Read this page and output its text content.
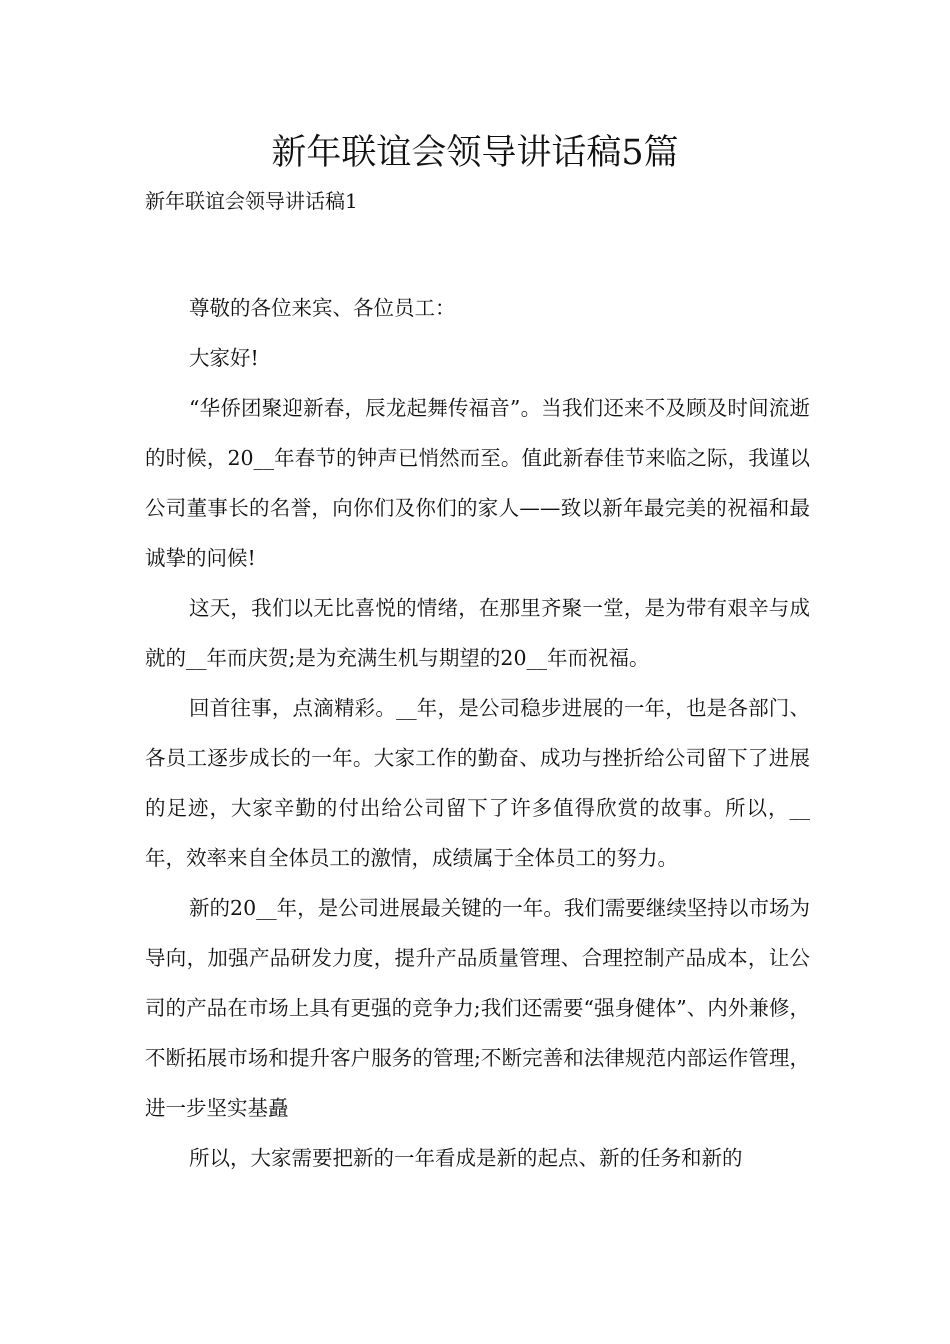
新年联谊会领导讲话稿5篇

新年联谊会领导讲话稿1

尊敬的各位来宾、各位员工：

大家好!

“华侨团聚迎新春，辰龙起舞传福音”。当我们还来不及顾及时间流逝的时候，20__年春节的钟声已悄然而至。值此新春佳节来临之际，我谨以公司董事长的名誉，向你们及你们的家人——致以新年最完美的祝福和最诚挚的问候!

这天，我们以无比喜悦的情绪，在那里齐聚一堂，是为带有艰辛与成就的__年而庆贺;是为充满生机与期望的20__年而祝福。

回首往事，点滴精彩。__年，是公司稳步进展的一年，也是各部门、各员工逐步成长的一年。大家工作的勤奋、成功与挫折给公司留下了进展的足迹，大家辛勤的付出给公司留下了许多值得欣赏的故事。所以，__年，效率来自全体员工的激情，成绩属于全体员工的努力。

新的20__年，是公司进展最关键的一年。我们需要继续坚持以市场为导向，加强产品研发力度，提升产品质量管理、合理控制产品成本，让公司的产品在市场上具有更强的竞争力;我们还需要“强身健体”、内外兼修，不断拓展市场和提升客户服务的管理;不断完善和法律规范内部运作管理，进一步坚实基矗

所以，大家需要把新的一年看成是新的起点、新的任务和新的
